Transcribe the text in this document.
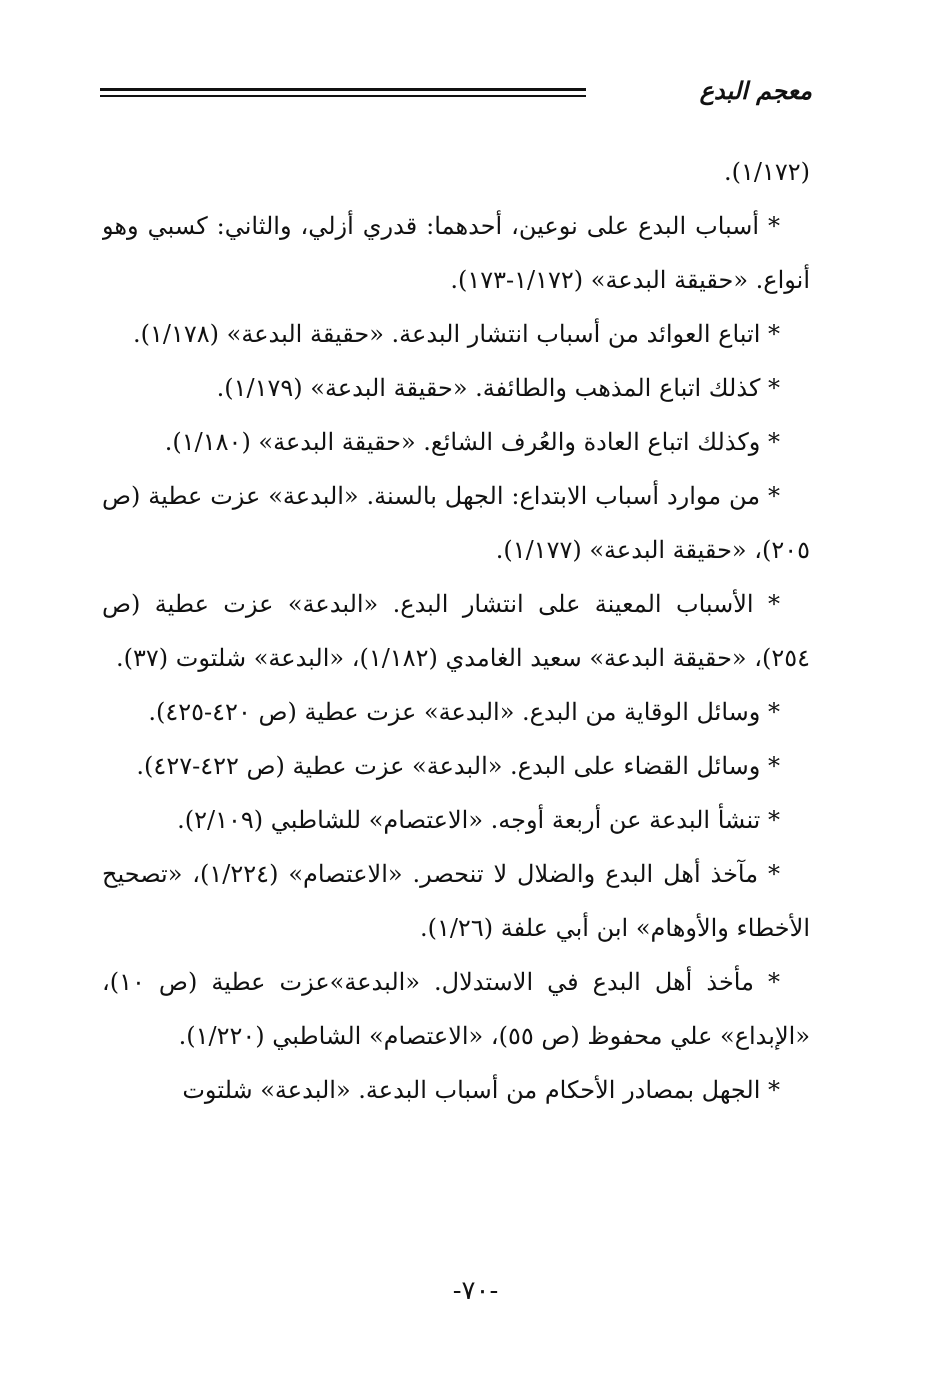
معجم البدع

(١/١٧٢).

* أسباب البدع على نوعين، أحدهما: قدري أزلي، والثاني: كسبي وهو أنواع. «حقيقة البدعة» (١/١٧٢-١٧٣).

* اتباع العوائد من أسباب انتشار البدعة. «حقيقة البدعة» (١/١٧٨).

* كذلك اتباع المذهب والطائفة. «حقيقة البدعة» (١/١٧٩).

* وكذلك اتباع العادة والعُرف الشائع. «حقيقة البدعة» (١/١٨٠).

* من موارد أسباب الابتداع: الجهل بالسنة. «البدعة» عزت عطية (ص ٢٠٥)، «حقيقة البدعة» (١/١٧٧).

* الأسباب المعينة على انتشار البدع. «البدعة» عزت عطية (ص ٢٥٤)، «حقيقة البدعة» سعيد الغامدي (١/١٨٢)، «البدعة» شلتوت (٣٧).

* وسائل الوقاية من البدع. «البدعة» عزت عطية (ص ٤٢٠-٤٢٥).

* وسائل القضاء على البدع. «البدعة» عزت عطية (ص ٤٢٢-٤٢٧).

* تنشأ البدعة عن أربعة أوجه. «الاعتصام» للشاطبي (٢/١٠٩).

* مآخذ أهل البدع والضلال لا تنحصر. «الاعتصام» (١/٢٢٤)، «تصحيح الأخطاء والأوهام» ابن أبي علفة (١/٢٦).

* مأخذ أهل البدع في الاستدلال. «البدعة»عزت عطية (ص ١٠)، «الإبداع» علي محفوظ (ص ٥٥)، «الاعتصام» الشاطبي (١/٢٢٠).

* الجهل بمصادر الأحكام من أسباب البدعة. «البدعة» شلتوت

-٧٠-
